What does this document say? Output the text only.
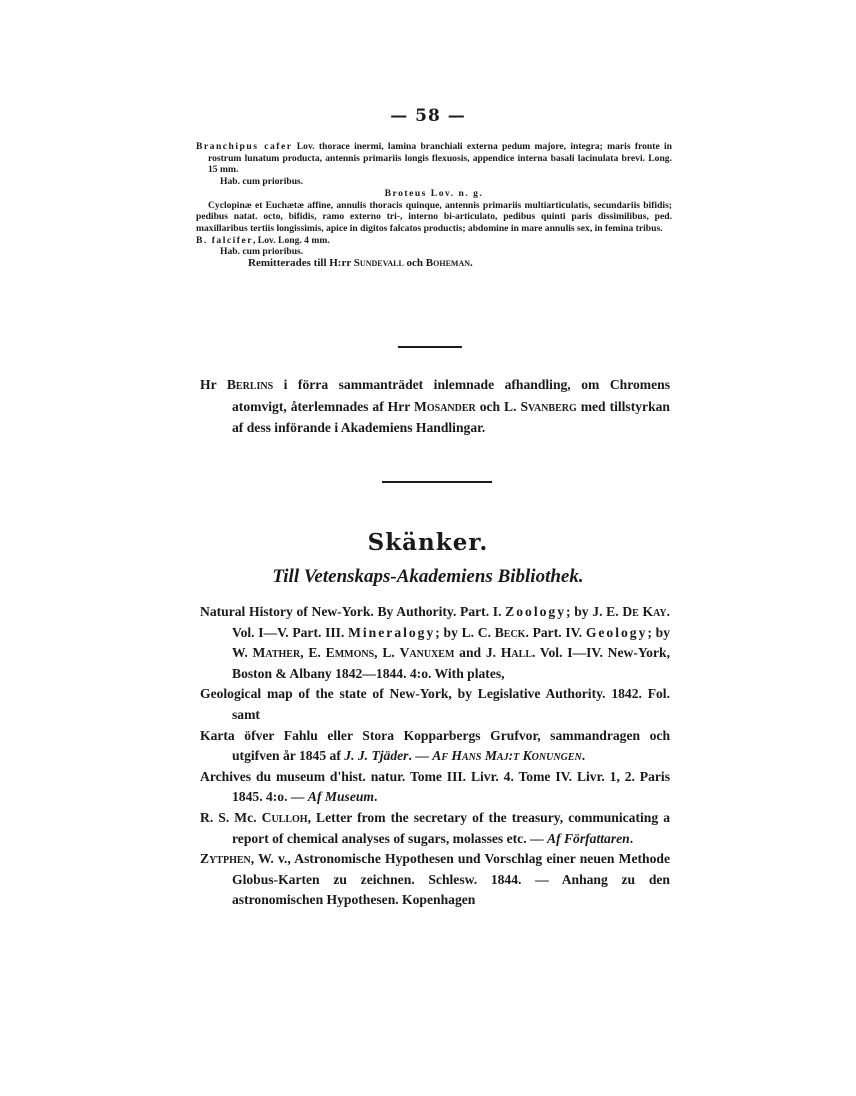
— 58 —

Branchipus cafer Lov. thorace inermi, lamina branchiali externa pedum majore, integra; maris fronte in rostrum lunatum producta, antennis primariis longis flexuosis, appendice interna basali lacinulata brevi. Long. 15 mm.

Hab. cum prioribus.

Broteus Lov. n. g.

Cyclopinæ et Euchætæ affine, annulis thoracis quinque, antennis primariis multiarticulatis, secundariis bifidis; pedibus natat. octo, bifidis, ramo externo tri-, interno bi-articulato, pedibus quinti paris dissimilibus, ped. maxillaribus tertiis longissimis, apice in digitos falcatos productis; abdomine in mare annulis sex, in femina tribus.

B. falcifer, Lov. Long. 4 mm.

Hab. cum prioribus.

Remitterades till H:rr Sundevall och Boheman.

Hr Berlins i förra sammanträdet inlemnade afhandling, om Chromens atomvigt, återlemnades af Hrr Mosander och L. Svanberg med tillstyrkan af dess införande i Akademiens Handlingar.

Skänker.
Till Vetenskaps-Akademiens Bibliothek.

Natural History of New-York. By Authority. Part. I. Zoology; by J. E. De Kay. Vol. I—V. Part. III. Mineralogy; by L. C. Beck. Part. IV. Geology; by W. Mather, E. Emmons, L. Vanuxem and J. Hall. Vol. I—IV. New-York, Boston & Albany 1842—1844. 4:o. With plates,

Geological map of the state of New-York, by Legislative Authority. 1842. Fol. samt

Karta öfver Fahlu eller Stora Kopparbergs Grufvor, sammandragen och utgifven år 1845 af J. J. Tjäder. — Af Hans Maj:t Konungen.

Archives du museum d'hist. natur. Tome III. Livr. 4. Tome IV. Livr. 1, 2. Paris 1845. 4:o. — Af Museum.

R. S. Mc. Culloh, Letter from the secretary of the treasury, communicating a report of chemical analyses of sugars, molasses etc. — Af Författaren.

Zytphen, W. v., Astronomische Hypothesen und Vorschlag einer neuen Methode Globus-Karten zu zeichnen. Schlesw. 1844. — Anhang zu den astronomischen Hypothesen. Kopenhagen
